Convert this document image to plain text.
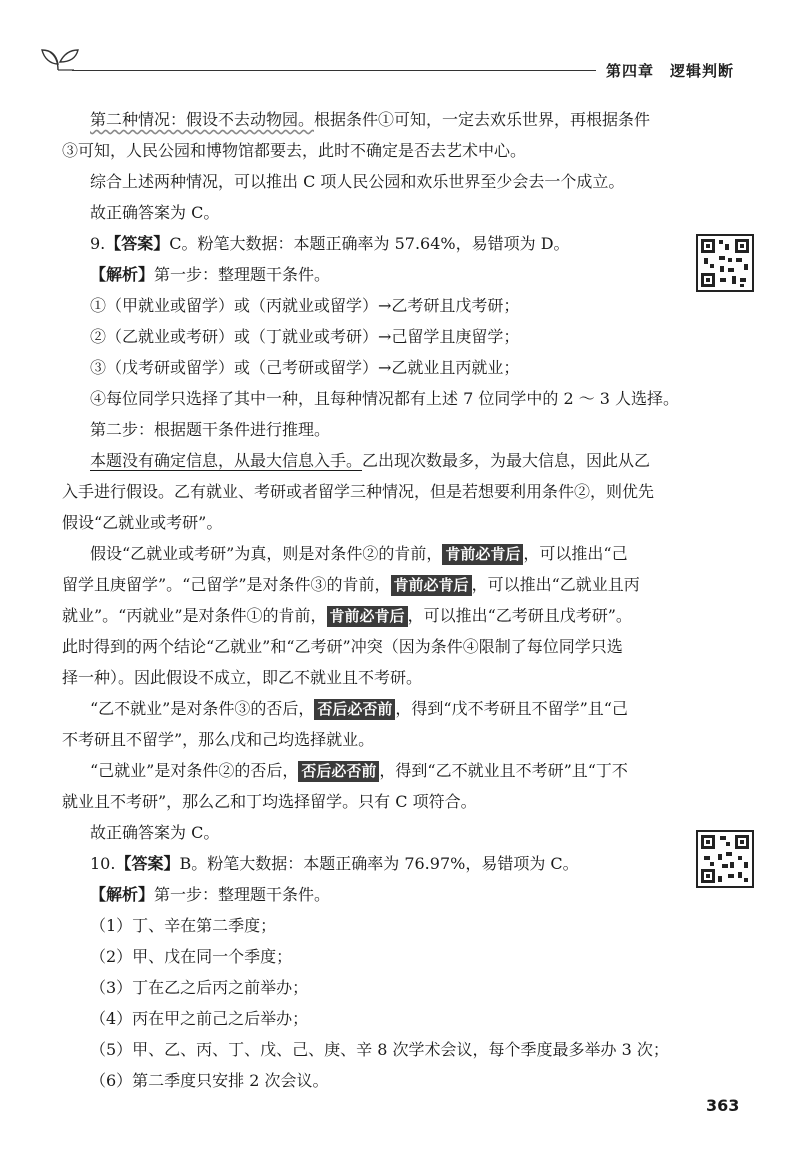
第四章　逻辑判断

第二种情况：假设不去动物园。根据条件①可知，一定去欢乐世界，再根据条件

③可知，人民公园和博物馆都要去，此时不确定是否去艺术中心。

综合上述两种情况，可以推出 C 项人民公园和欢乐世界至少会去一个成立。

故正确答案为 C。

9.【答案】C。粉笔大数据：本题正确率为 57.64%，易错项为 D。

【解析】第一步：整理题干条件。

①（甲就业或留学）或（丙就业或留学）→乙考研且戊考研；

②（乙就业或考研）或（丁就业或考研）→己留学且庚留学；

③（戊考研或留学）或（己考研或留学）→乙就业且丙就业；

④每位同学只选择了其中一种，且每种情况都有上述 7 位同学中的 2 ～ 3 人选择。

第二步：根据题干条件进行推理。

本题没有确定信息，从最大信息入手。乙出现次数最多，为最大信息，因此从乙

入手进行假设。乙有就业、考研或者留学三种情况，但是若想要利用条件②，则优先

假设“乙就业或考研”。

假设“乙就业或考研”为真，则是对条件②的肯前， 肯前必肯后 ，可以推出“己

留学且庚留学”。“己留学”是对条件③的肯前， 肯前必肯后 ，可以推出“乙就业且丙

就业”。“丙就业”是对条件①的肯前， 肯前必肯后 ，可以推出“乙考研且戊考研”。

此时得到的两个结论“乙就业”和“乙考研”冲突（因为条件④限制了每位同学只选

择一种）。因此假设不成立，即乙不就业且不考研。

“乙不就业”是对条件③的否后， 否后必否前 ，得到“戊不考研且不留学”且“己

不考研且不留学”，那么戊和己均选择就业。

“己就业”是对条件②的否后， 否后必否前 ，得到“乙不就业且不考研”且“丁不

就业且不考研”，那么乙和丁均选择留学。只有 C 项符合。

故正确答案为 C。

10.【答案】B。粉笔大数据：本题正确率为 76.97%，易错项为 C。

【解析】第一步：整理题干条件。

（1）丁、辛在第二季度；

（2）甲、戊在同一个季度；

（3）丁在乙之后丙之前举办；

（4）丙在甲之前己之后举办；

（5）甲、乙、丙、丁、戊、己、庚、辛 8 次学术会议，每个季度最多举办 3 次；

（6）第二季度只安排 2 次会议。

363
